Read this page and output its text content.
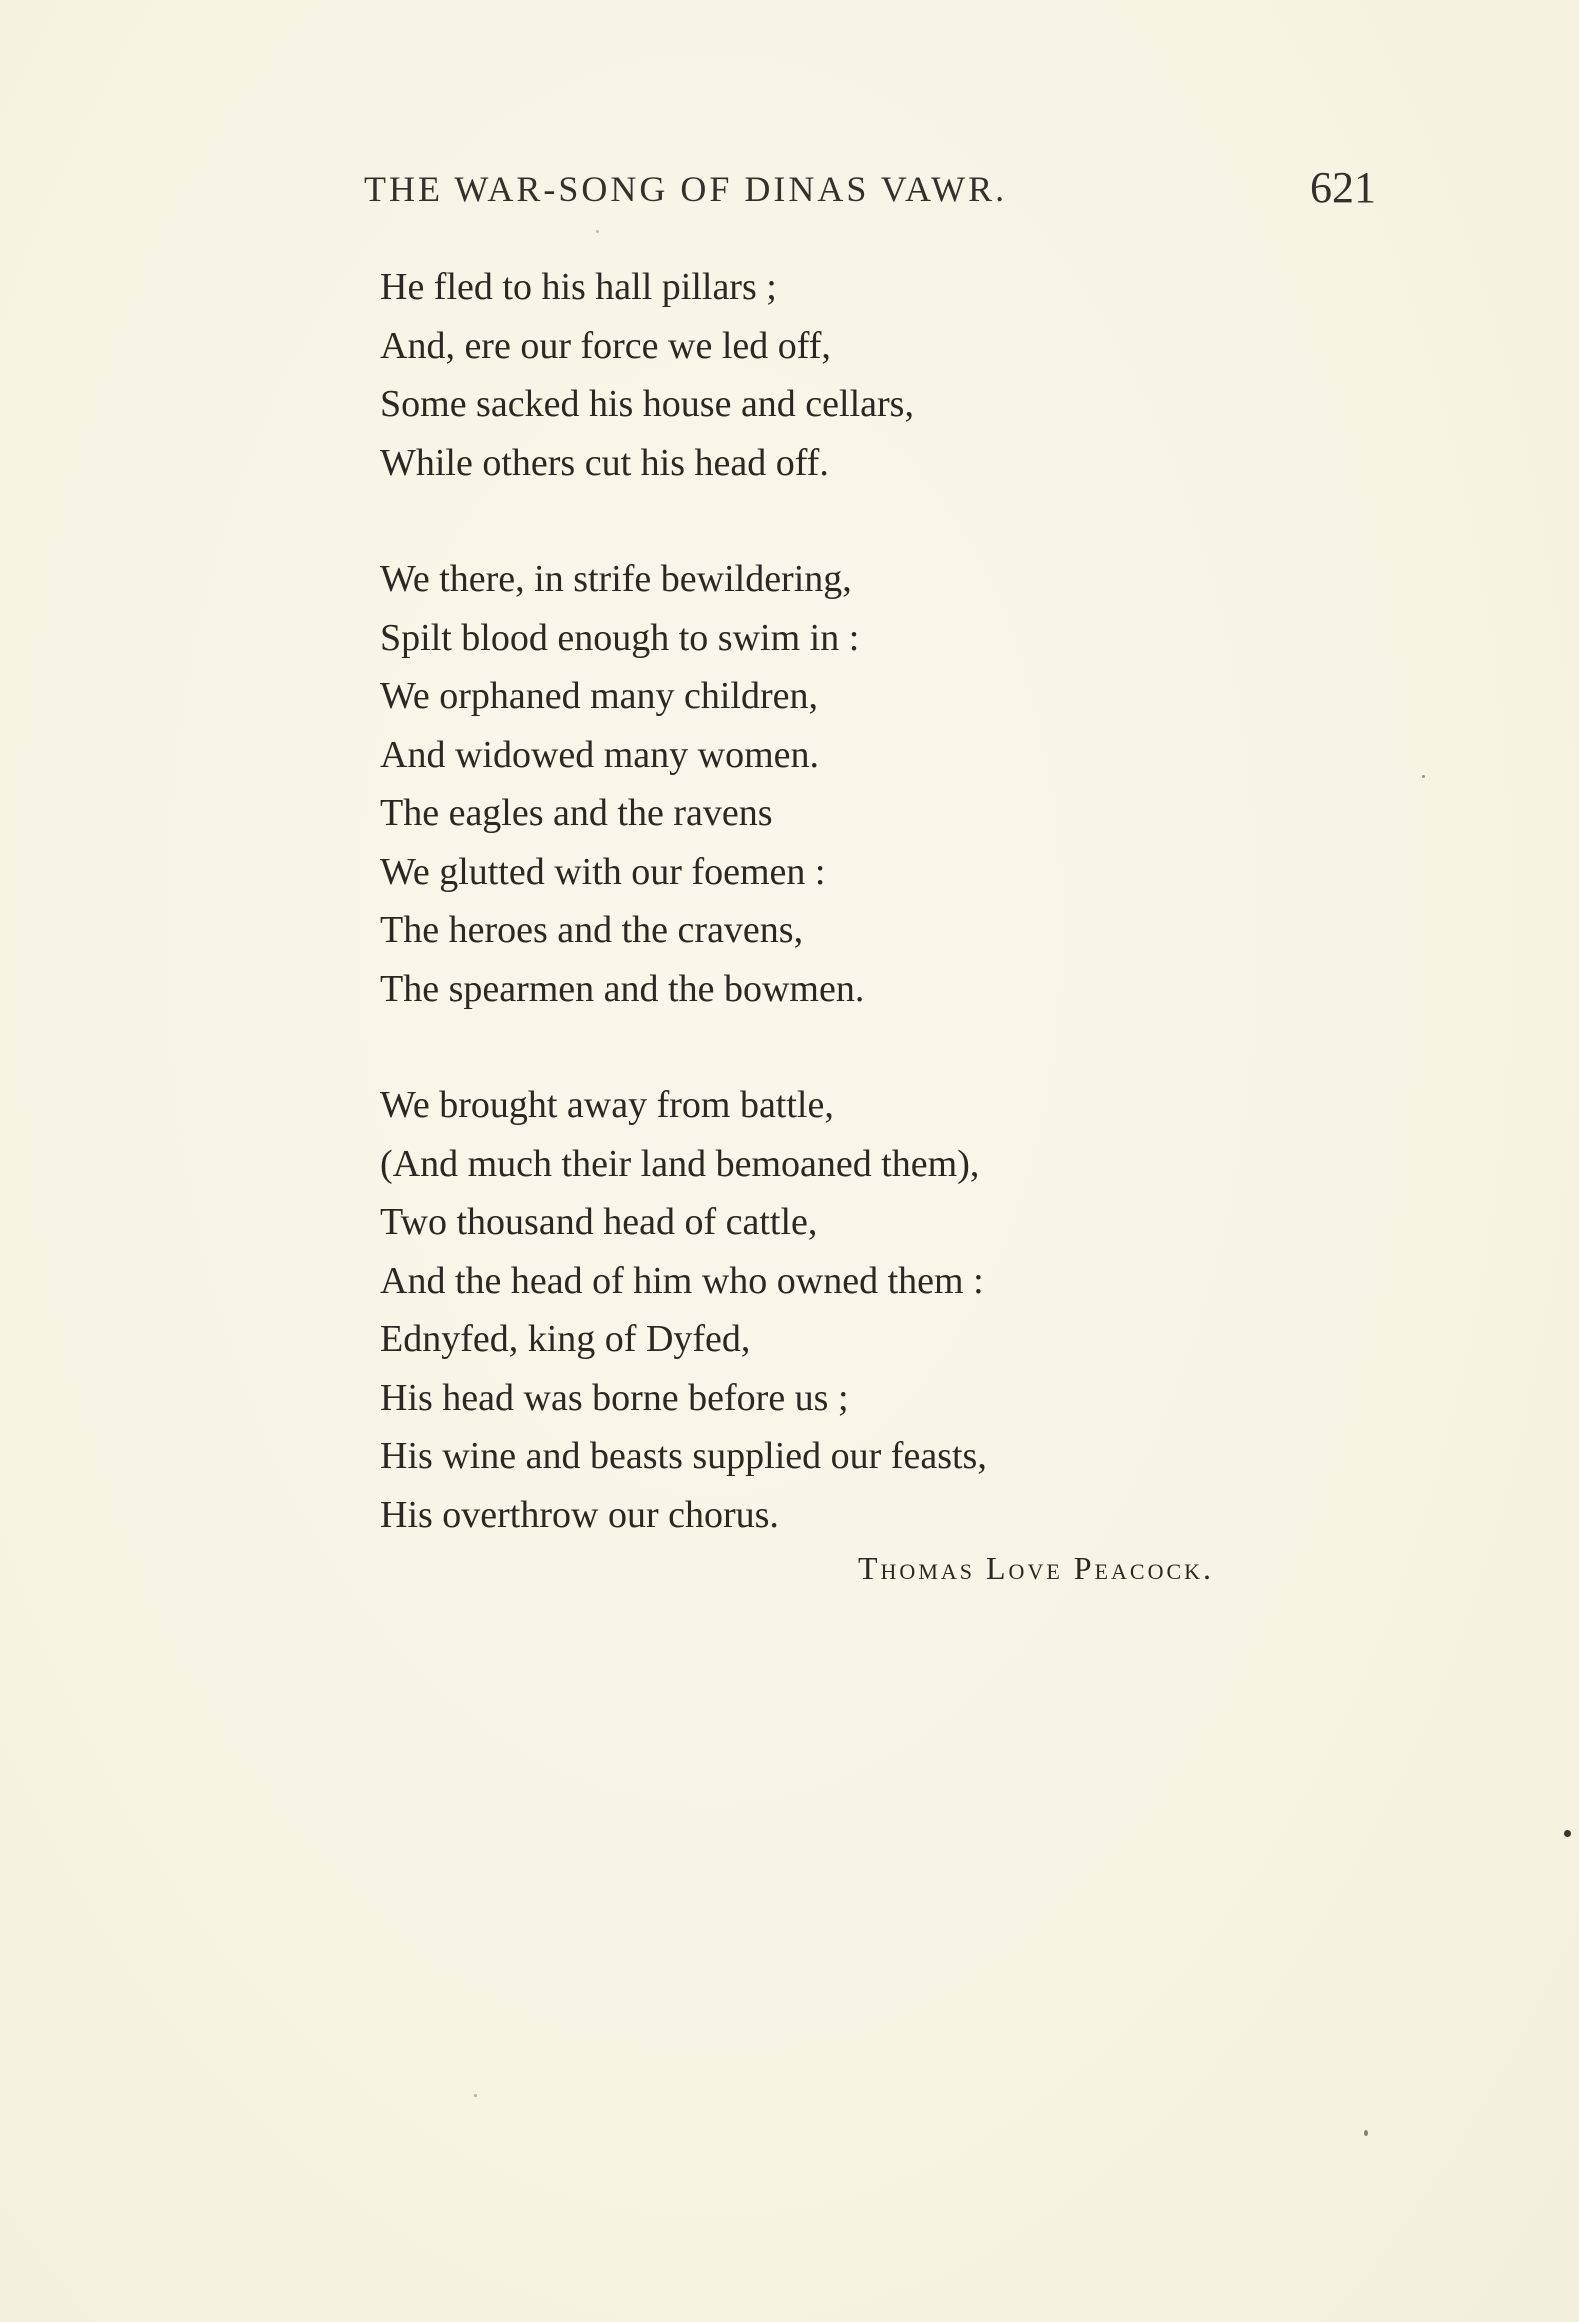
THE WAR-SONG OF DINAS VAWR.	621
He fled to his hall pillars ;
And, ere our force we led off,
Some sacked his house and cellars,
While others cut his head off.
We there, in strife bewildering,
Spilt blood enough to swim in :
We orphaned many children,
And widowed many women.
The eagles and the ravens
We glutted with our foemen :
The heroes and the cravens,
The spearmen and the bowmen.
We brought away from battle,
(And much their land bemoaned them),
Two thousand head of cattle,
And the head of him who owned them :
Ednyfed, king of Dyfed,
His head was borne before us ;
His wine and beasts supplied our feasts,
His overthrow our chorus.
Thomas Love Peacock.
